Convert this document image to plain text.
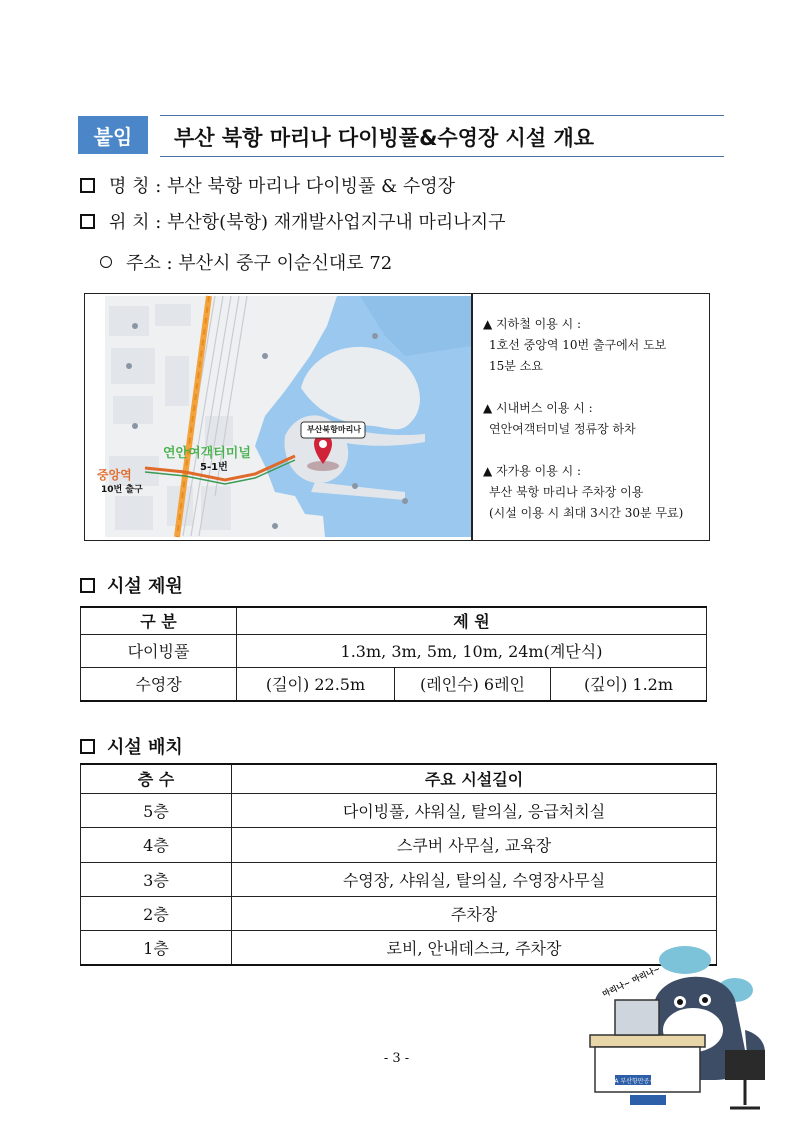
붙임	부산 북항 마리나 다이빙풀&수영장 시설 개요
명 칭 : 부산 북항 마리나 다이빙풀 & 수영장
위 치 : 부산항(북항) 재개발사업지구내 마리나지구
주소 : 부산시 중구 이순신대로 72
부산북항마리나
연안여객터미널
5-1번
중앙역
10번 출구
▲ 지하철 이용 시 :
1호선 중앙역 10번 출구에서 도보
15분 소요
▲ 시내버스 이용 시 :
연안여객터미널 정류장 하차
▲ 자가용 이용 시 :
부산 북항 마리나 주차장 이용
(시설 이용 시 최대 3시간 30분 무료)
시설 제원
구 분	제 원		
다이빙풀	1.3m, 3m, 5m, 10m, 24m(계단식)		
수영장	(길이) 22.5m	(레인수) 6레인	(깊이) 1.2m
시설 배치
층 수	주요 시설길이
5층	다이빙풀, 샤워실, 탈의실, 응급처치실
4층	스쿠버 사무실, 교육장
3층	수영장, 샤워실, 탈의실, 수영장사무실
2층	주차장
1층	로비, 안내데스크, 주차장
마리나~ 마리나~
BPA 부산항만공사
- 3 -
